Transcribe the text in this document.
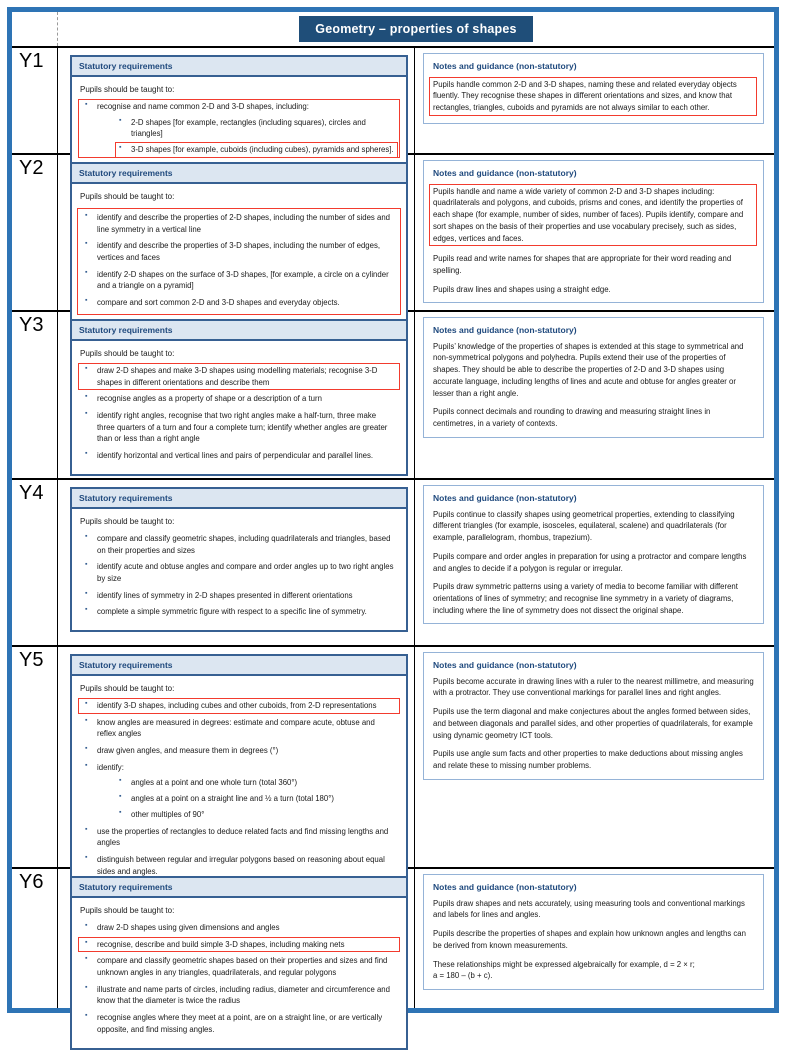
Geometry – properties of shapes
Y1	Statutory requirements

Pupils should be taught to:

▪ recognise and name common 2-D and 3-D shapes, including:
▪ 2-D shapes [for example, rectangles (including squares), circles and triangles]
▪ 3-D shapes [for example, cuboids (including cubes), pyramids and spheres].
Notes and guidance (non-statutory)

Pupils handle common 2-D and 3-D shapes, naming these and related everyday objects fluently. They recognise these shapes in different orientations and sizes, and know that rectangles, triangles, cuboids and pyramids are not always similar to each other.

Y2	Statutory requirements

Pupils should be taught to:

▪ identify and describe the properties of 2-D shapes, including the number of sides and line symmetry in a vertical line
▪ identify and describe the properties of 3-D shapes, including the number of edges, vertices and faces
▪ identify 2-D shapes on the surface of 3-D shapes, [for example, a circle on a cylinder and a triangle on a pyramid]
▪ compare and sort common 2-D and 3-D shapes and everyday objects.
Notes and guidance (non-statutory)

Pupils handle and name a wide variety of common 2-D and 3-D shapes including: quadrilaterals and polygons, and cuboids, prisms and cones, and identify the properties of each shape (for example, number of sides, number of faces). Pupils identify, compare and sort shapes on the basis of their properties and use vocabulary precisely, such as sides, edges, vertices and faces.

Pupils read and write names for shapes that are appropriate for their word reading and spelling.

Pupils draw lines and shapes using a straight edge.

Y3	Statutory requirements

Pupils should be taught to:

▪ draw 2-D shapes and make 3-D shapes using modelling materials; recognise 3-D shapes in different orientations and describe them
▪ recognise angles as a property of shape or a description of a turn
▪ identify right angles, recognise that two right angles make a half-turn, three make three quarters of a turn and four a complete turn; identify whether angles are greater than or less than a right angle
▪ identify horizontal and vertical lines and pairs of perpendicular and parallel lines.
Notes and guidance (non-statutory)

Pupils’ knowledge of the properties of shapes is extended at this stage to symmetrical and non-symmetrical polygons and polyhedra. Pupils extend their use of the properties of shapes. They should be able to describe the properties of 2-D and 3-D shapes using accurate language, including lengths of lines and acute and obtuse for angles greater or lesser than a right angle.

Pupils connect decimals and rounding to drawing and measuring straight lines in centimetres, in a variety of contexts.

Y4	Statutory requirements

Pupils should be taught to:

▪ compare and classify geometric shapes, including quadrilaterals and triangles, based on their properties and sizes
▪ identify acute and obtuse angles and compare and order angles up to two right angles by size
▪ identify lines of symmetry in 2-D shapes presented in different orientations
▪ complete a simple symmetric figure with respect to a specific line of symmetry.
Notes and guidance (non-statutory)

Pupils continue to classify shapes using geometrical properties, extending to classifying different triangles (for example, isosceles, equilateral, scalene) and quadrilaterals (for example, parallelogram, rhombus, trapezium).

Pupils compare and order angles in preparation for using a protractor and compare lengths and angles to decide if a polygon is regular or irregular.

Pupils draw symmetric patterns using a variety of media to become familiar with different orientations of lines of symmetry; and recognise line symmetry in a variety of diagrams, including where the line of symmetry does not dissect the original shape.

Y5	Statutory requirements

Pupils should be taught to:

▪ identify 3-D shapes, including cubes and other cuboids, from 2-D representations
▪ know angles are measured in degrees: estimate and compare acute, obtuse and reflex angles
▪ draw given angles, and measure them in degrees (°)
▪ identify:
▪ angles at a point and one whole turn (total 360°)
▪ angles at a point on a straight line and ½ a turn (total 180°)
▪ other multiples of 90°
▪ use the properties of rectangles to deduce related facts and find missing lengths and angles
▪ distinguish between regular and irregular polygons based on reasoning about equal sides and angles.
Notes and guidance (non-statutory)

Pupils become accurate in drawing lines with a ruler to the nearest millimetre, and measuring with a protractor. They use conventional markings for parallel lines and right angles.

Pupils use the term diagonal and make conjectures about the angles formed between sides, and between diagonals and parallel sides, and other properties of quadrilaterals, for example using dynamic geometry ICT tools.

Pupils use angle sum facts and other properties to make deductions about missing angles and relate these to missing number problems.

Y6	Statutory requirements

Pupils should be taught to:

▪ draw 2-D shapes using given dimensions and angles
▪ recognise, describe and build simple 3-D shapes, including making nets
▪ compare and classify geometric shapes based on their properties and sizes and find unknown angles in any triangles, quadrilaterals, and regular polygons
▪ illustrate and name parts of circles, including radius, diameter and circumference and know that the diameter is twice the radius
▪ recognise angles where they meet at a point, are on a straight line, or are vertically opposite, and find missing angles.
Notes and guidance (non-statutory)

Pupils draw shapes and nets accurately, using measuring tools and conventional markings and labels for lines and angles.

Pupils describe the properties of shapes and explain how unknown angles and lengths can be derived from known measurements.

These relationships might be expressed algebraically for example, d = 2 × r;
a = 180 – (b + c).
